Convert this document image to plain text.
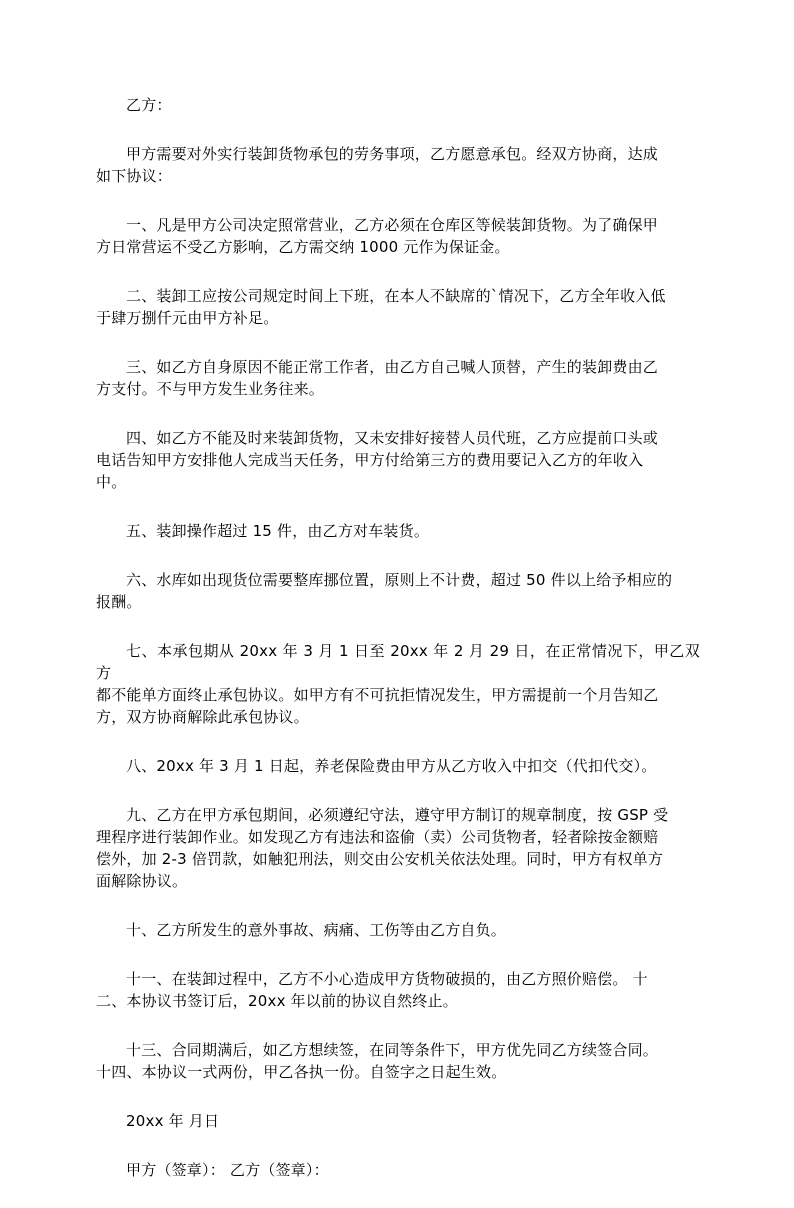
乙方：

甲方需要对外实行装卸货物承包的劳务事项，乙方愿意承包。经双方协商，达成
如下协议：

一、凡是甲方公司决定照常营业，乙方必须在仓库区等候装卸货物。为了确保甲
方日常营运不受乙方影响，乙方需交纳 1000 元作为保证金。

二、装卸工应按公司规定时间上下班，在本人不缺席的`情况下，乙方全年收入低
于肆万捌仟元由甲方补足。

三、如乙方自身原因不能正常工作者，由乙方自己喊人顶替，产生的装卸费由乙
方支付。不与甲方发生业务往来。

四、如乙方不能及时来装卸货物，又未安排好接替人员代班，乙方应提前口头或
电话告知甲方安排他人完成当天任务，甲方付给第三方的费用要记入乙方的年收入
中。

五、装卸操作超过 15 件，由乙方对车装货。

六、水库如出现货位需要整库挪位置，原则上不计费，超过 50 件以上给予相应的
报酬。

七、本承包期从 20xx 年 3 月 1 日至 20xx 年 2 月 29 日，在正常情况下，甲乙双方
都不能单方面终止承包协议。如甲方有不可抗拒情况发生，甲方需提前一个月告知乙
方，双方协商解除此承包协议。

八、20xx 年 3 月 1 日起，养老保险费由甲方从乙方收入中扣交（代扣代交）。

九、乙方在甲方承包期间，必须遵纪守法，遵守甲方制订的规章制度，按 GSP 受
理程序进行装卸作业。如发现乙方有违法和盗偷（卖）公司货物者，轻者除按金额赔
偿外，加 2-3 倍罚款，如触犯刑法，则交由公安机关依法处理。同时，甲方有权单方
面解除协议。

十、乙方所发生的意外事故、病痛、工伤等由乙方自负。

十一、在装卸过程中，乙方不小心造成甲方货物破损的，由乙方照价赔偿。 十
二、本协议书签订后，20xx 年以前的协议自然终止。

十三、合同期满后，如乙方想续签，在同等条件下，甲方优先同乙方续签合同。
十四、本协议一式两份，甲乙各执一份。自签字之日起生效。

20xx 年 月日

甲方（签章）： 乙方（签章）：
